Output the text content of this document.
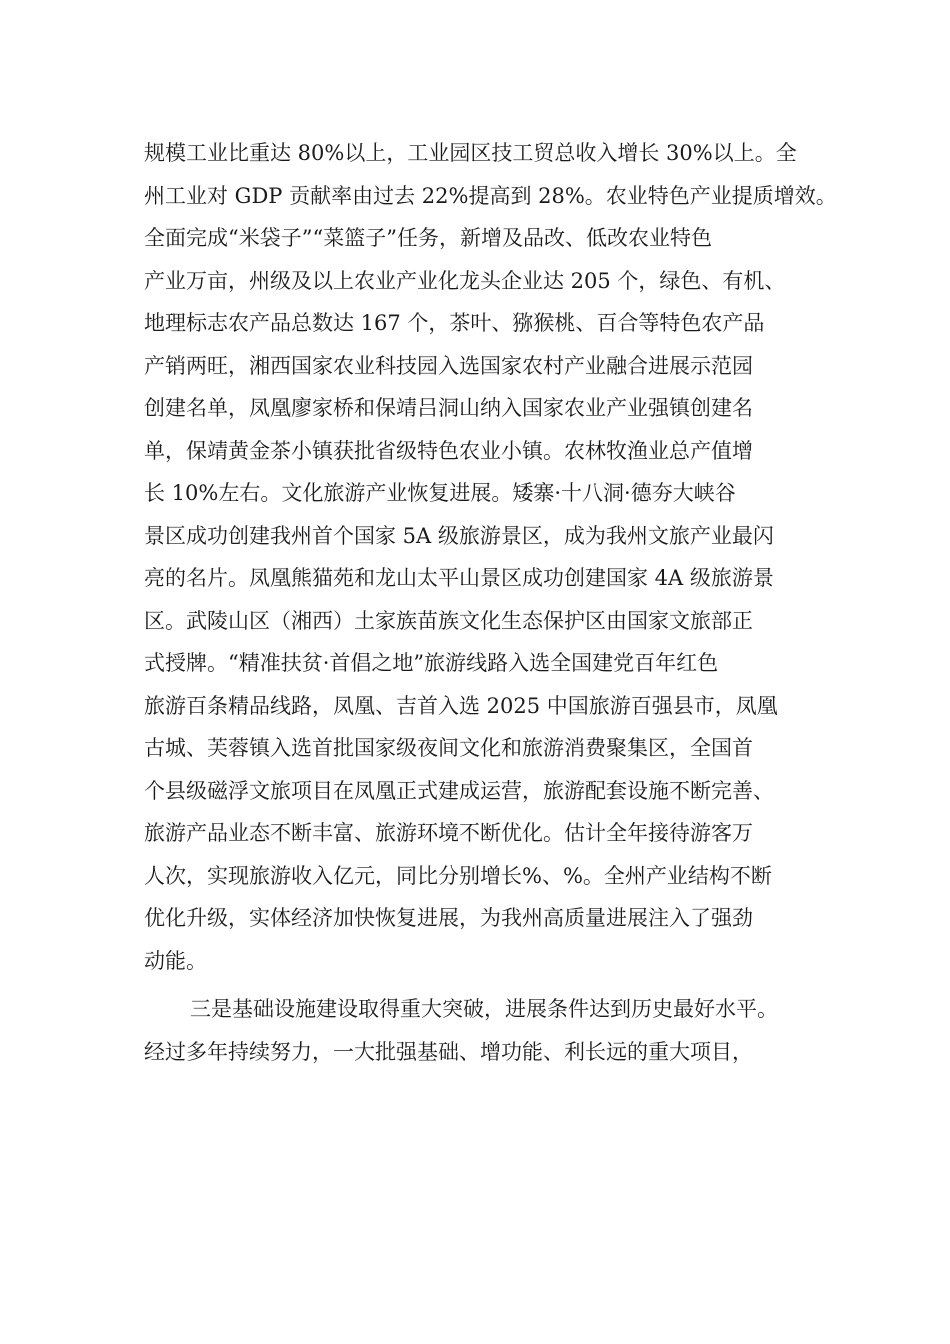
规模工业比重达 80%以上，工业园区技工贸总收入增长 30%以上。全
州工业对 GDP 贡献率由过去 22%提高到 28%。农业特色产业提质增效。
全面完成“米袋子”“菜篮子”任务，新增及品改、低改农业特色
产业万亩，州级及以上农业产业化龙头企业达 205 个，绿色、有机、
地理标志农产品总数达 167 个，茶叶、猕猴桃、百合等特色农产品
产销两旺，湘西国家农业科技园入选国家农村产业融合进展示范园
创建名单，凤凰廖家桥和保靖吕洞山纳入国家农业产业强镇创建名
单，保靖黄金茶小镇获批省级特色农业小镇。农林牧渔业总产值增
长 10%左右。文化旅游产业恢复进展。矮寨·十八洞·德夯大峡谷
景区成功创建我州首个国家 5A 级旅游景区，成为我州文旅产业最闪
亮的名片。凤凰熊猫苑和龙山太平山景区成功创建国家 4A 级旅游景
区。武陵山区（湘西）土家族苗族文化生态保护区由国家文旅部正
式授牌。“精准扶贫·首倡之地”旅游线路入选全国建党百年红色
旅游百条精品线路，凤凰、吉首入选 2025 中国旅游百强县市，凤凰
古城、芙蓉镇入选首批国家级夜间文化和旅游消费聚集区，全国首
个县级磁浮文旅项目在凤凰正式建成运营，旅游配套设施不断完善、
旅游产品业态不断丰富、旅游环境不断优化。估计全年接待游客万
人次，实现旅游收入亿元，同比分别增长%、%。全州产业结构不断
优化升级，实体经济加快恢复进展，为我州高质量进展注入了强劲
动能。
三是基础设施建设取得重大突破，进展条件达到历史最好水平。
经过多年持续努力，一大批强基础、增功能、利长远的重大项目，
